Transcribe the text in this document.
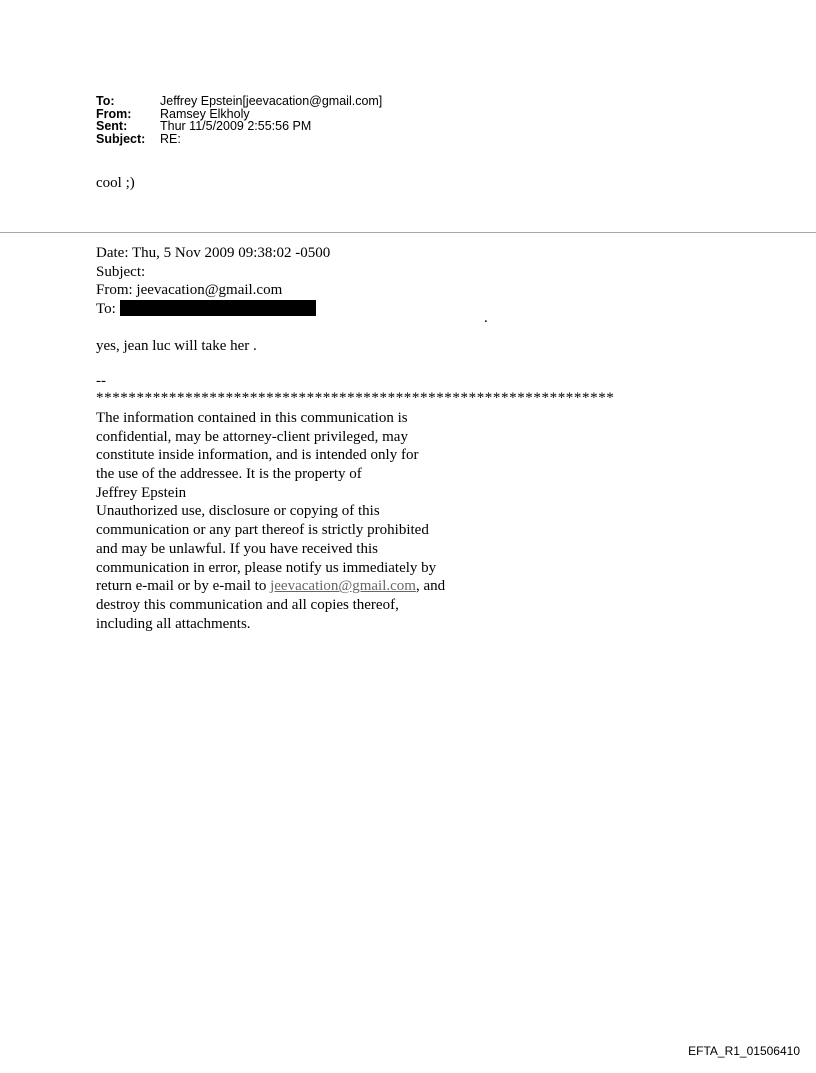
To:	Jeffrey Epstein[jeevacation@gmail.com]
From:	Ramsey Elkholy
Sent:	Thur 11/5/2009 2:55:56 PM
Subject:	RE:
cool ;)
Date: Thu, 5 Nov 2009 09:38:02 -0500
Subject:
From: jeevacation@gmail.com
To:
.
yes, jean luc will take her .
--
****************************************************************
The information contained in this communication is
confidential, may be attorney-client privileged, may
constitute inside information, and is intended only for
the use of the addressee. It is the property of
Jeffrey Epstein
Unauthorized use, disclosure or copying of this
communication or any part thereof is strictly prohibited
and may be unlawful. If you have received this
communication in error, please notify us immediately by
return e-mail or by e-mail to jeevacation@gmail.com, and
destroy this communication and all copies thereof,
including all attachments.
EFTA_R1_01506410
